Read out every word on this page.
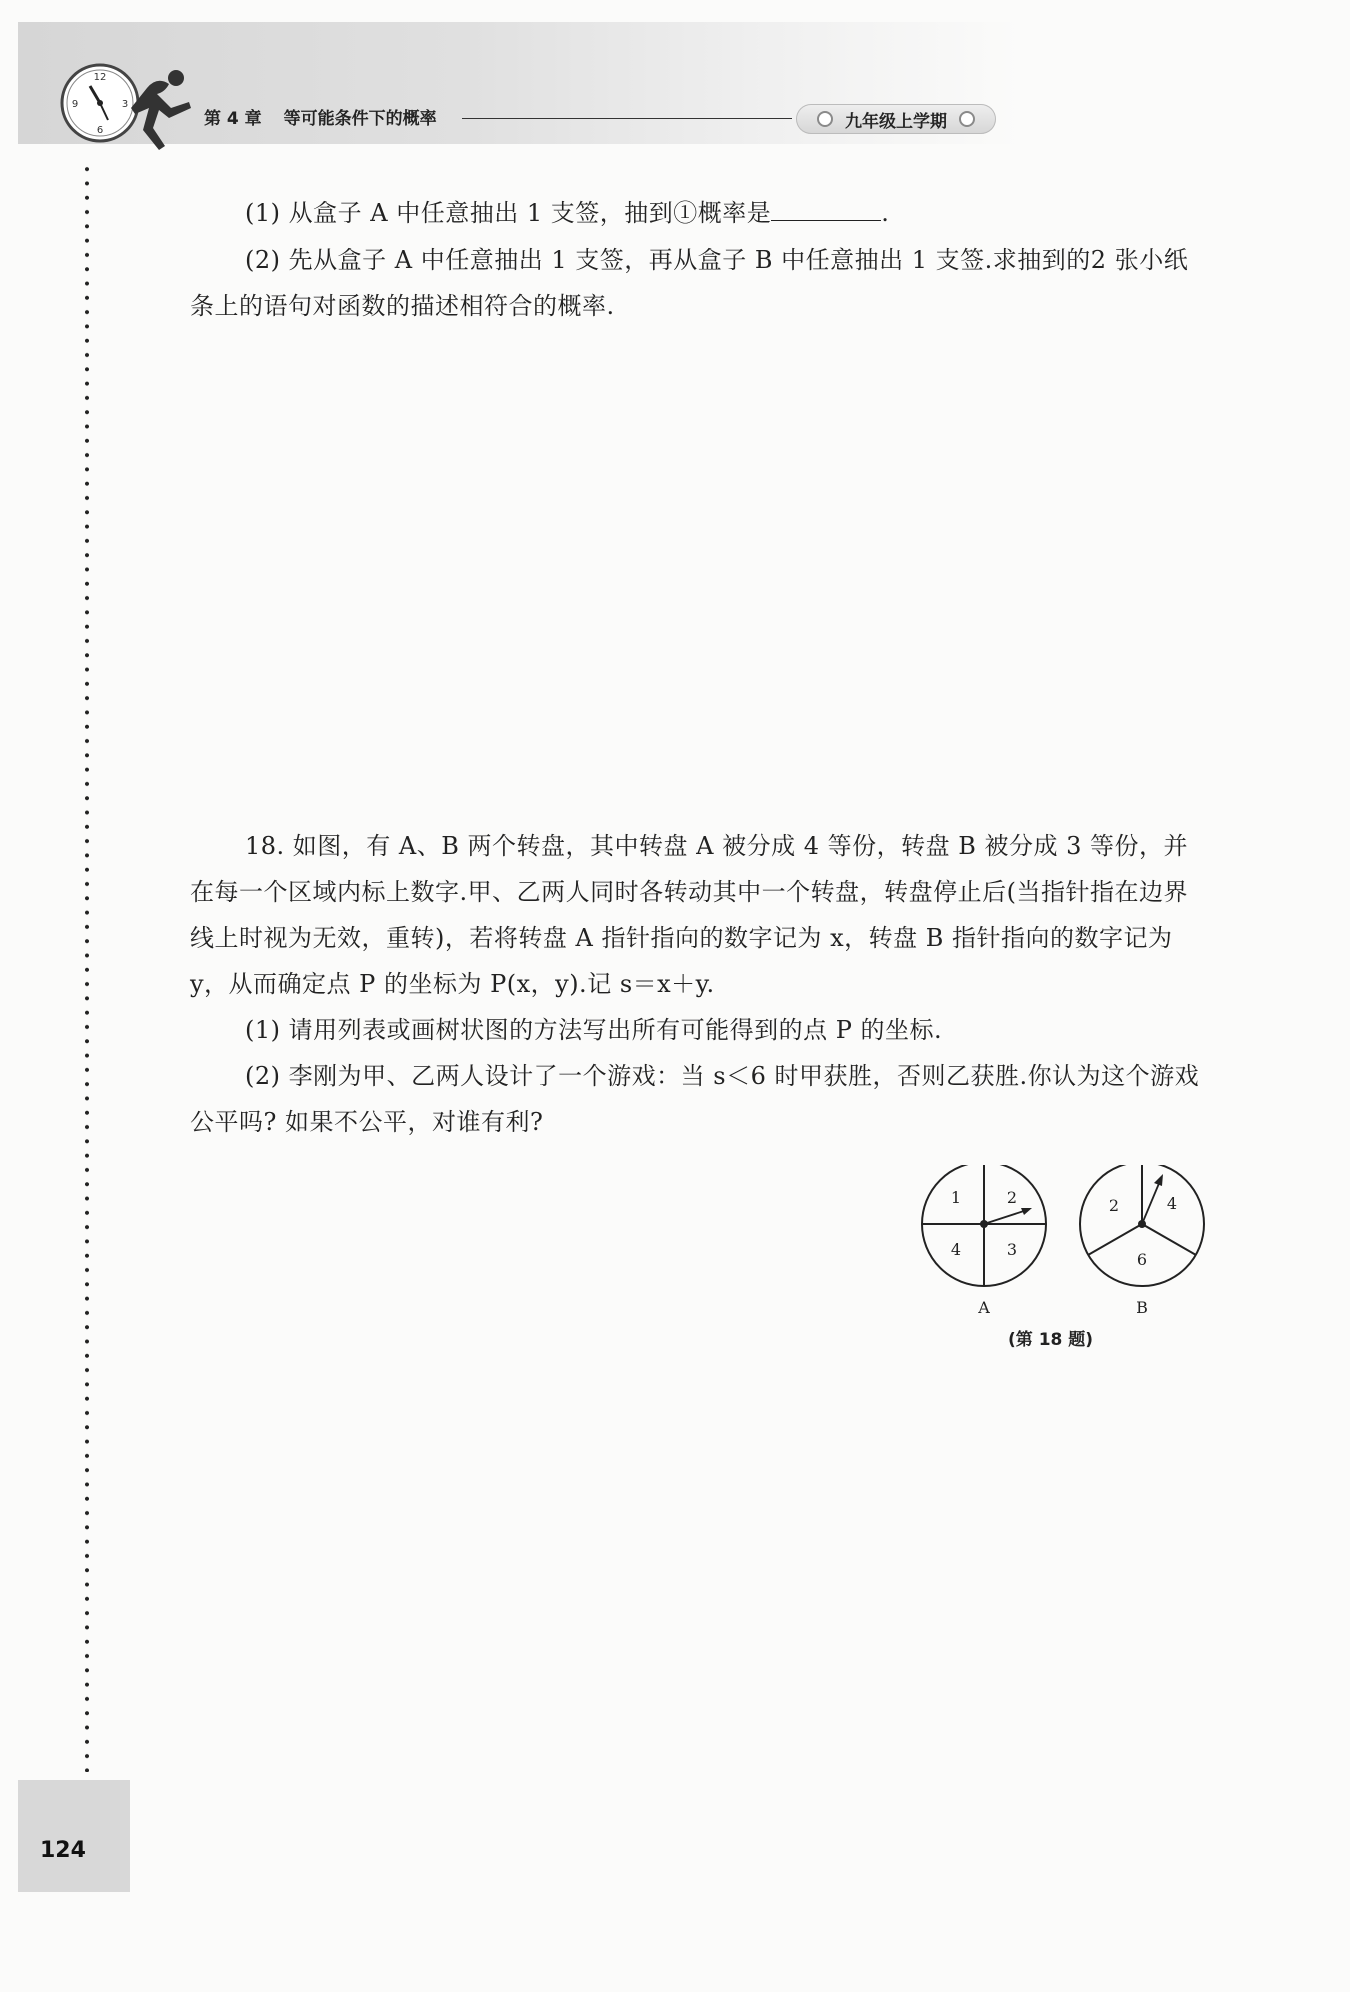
12
3
6
9
第 4 章 等可能条件下的概率	九年级上学期
(1) 从盒子 A 中任意抽出 1 支签，抽到①概率是	.
(2) 先从盒子 A 中任意抽出 1 支签，再从盒子 B 中任意抽出 1 支签.求抽到的2 张小纸条上的语句对函数的描述相符合的概率.
18. 如图，有 A、B 两个转盘，其中转盘 A 被分成 4 等份，转盘 B 被分成 3 等份，并在每一个区域内标上数字.甲、乙两人同时各转动其中一个转盘，转盘停止后(当指针指在边界线上时视为无效，重转)，若将转盘 A 指针指向的数字记为 x，转盘 B 指针指向的数字记为 y，从而确定点 P 的坐标为 P(x，y).记 s＝x＋y.
(1) 请用列表或画树状图的方法写出所有可能得到的点 P 的坐标.
(2) 李刚为甲、乙两人设计了一个游戏：当 s＜6 时甲获胜，否则乙获胜.你认为这个游戏公平吗? 如果不公平，对谁有利?
1	2
4	3
A
2	4
6
B
(第 18 题)
124
